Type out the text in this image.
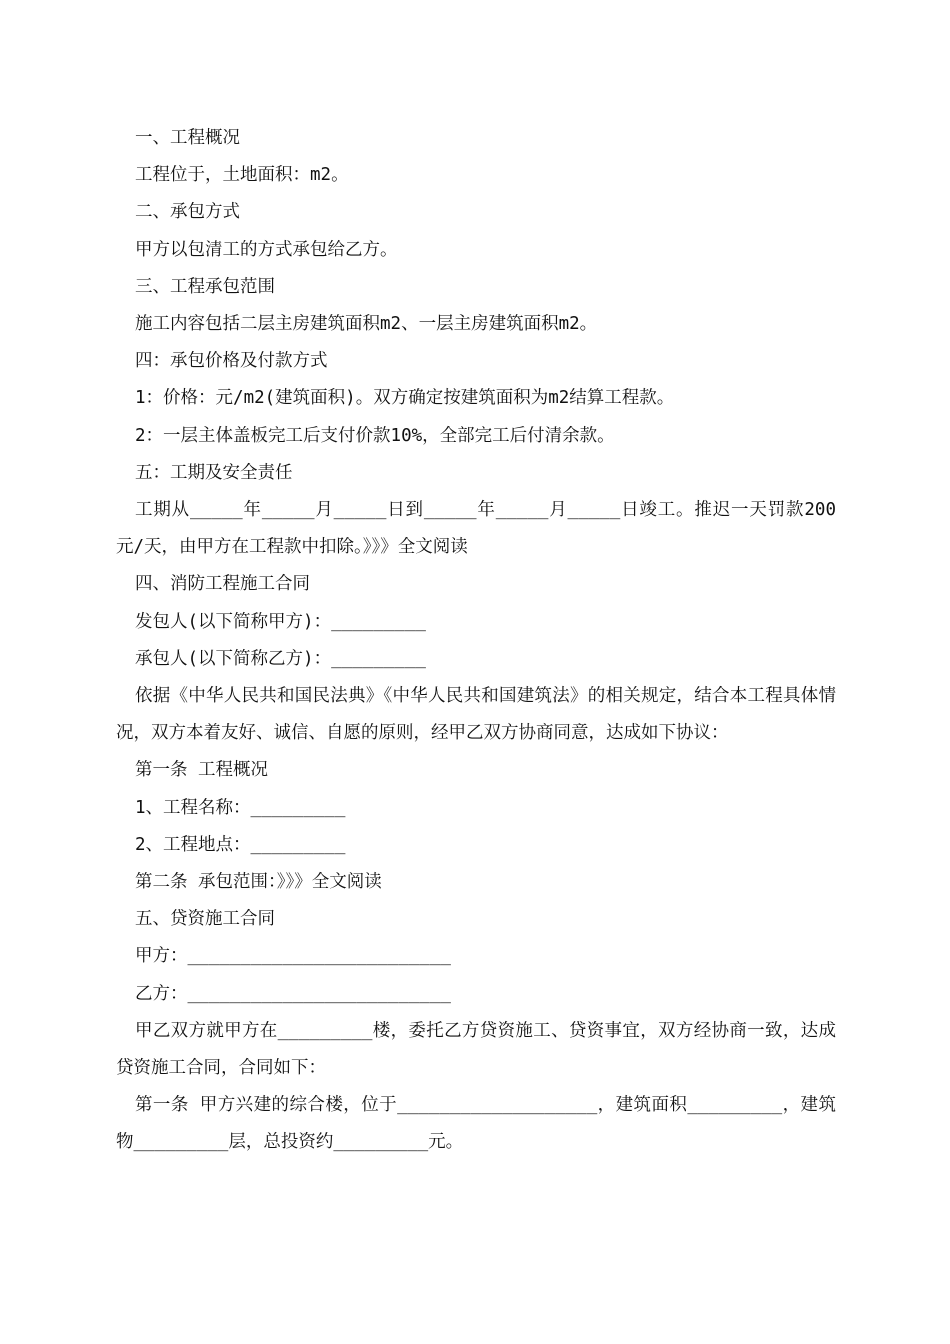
一、工程概况

工程位于，土地面积：m2。

二、承包方式

甲方以包清工的方式承包给乙方。

三、工程承包范围

施工内容包括二层主房建筑面积m2、一层主房建筑面积m2。

四：承包价格及付款方式

1：价格：元/m2(建筑面积)。双方确定按建筑面积为m2结算工程款。

2：一层主体盖板完工后支付价款10%，全部完工后付清余款。

五：工期及安全责任

工期从_____年_____月_____日到_____年_____月_____日竣工。推迟一天罚款200元/天，由甲方在工程款中扣除。》》》全文阅读

四、消防工程施工合同

发包人(以下简称甲方)：_________

承包人(以下简称乙方)：_________

依据《中华人民共和国民法典》《中华人民共和国建筑法》的相关规定，结合本工程具体情况，双方本着友好、诚信、自愿的原则，经甲乙双方协商同意，达成如下协议：

第一条 工程概况

1、工程名称：_________

2、工程地点：_________

第二条 承包范围：》》》全文阅读

五、贷资施工合同

甲方：_________________________

乙方：_________________________

甲乙双方就甲方在_________楼，委托乙方贷资施工、贷资事宜，双方经协商一致，达成贷资施工合同，合同如下：

第一条 甲方兴建的综合楼，位于___________________，建筑面积_________，建筑物_________层，总投资约_________元。
